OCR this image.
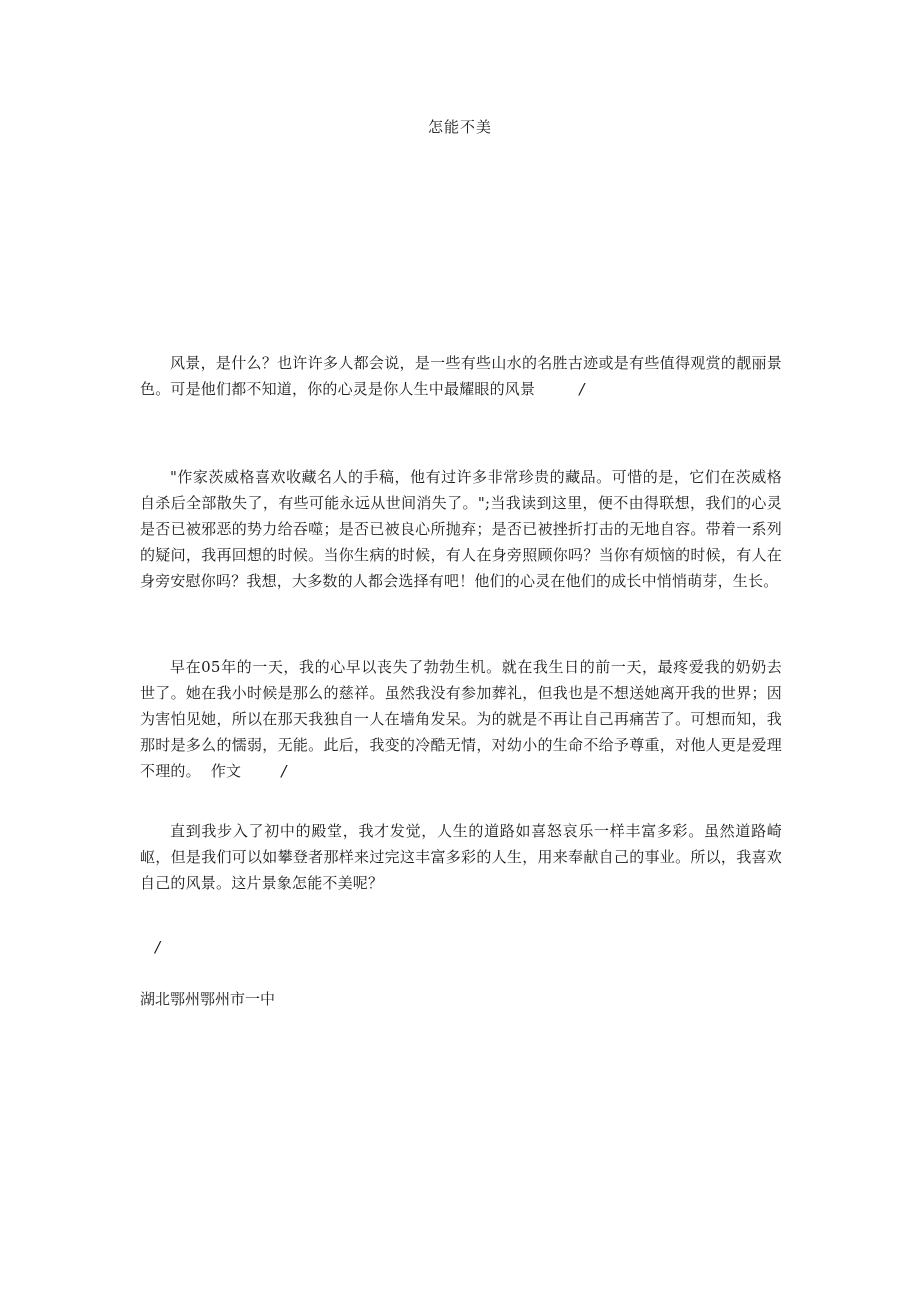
怎能不美

风景，是什么？也许许多人都会说，是一些有些山水的名胜古迹或是有些值得观赏的靓丽景色。可是他们都不知道，你的心灵是你人生中最耀眼的风景	/

"作家茨威格喜欢收藏名人的手稿，他有过许多非常珍贵的藏品。可惜的是，它们在茨威格自杀后全部散失了，有些可能永远从世间消失了。";当我读到这里，便不由得联想，我们的心灵是否已被邪恶的势力给吞噬；是否已被良心所抛弃；是否已被挫折打击的无地自容。带着一系列的疑问，我再回想的时候。当你生病的时候，有人在身旁照顾你吗？当你有烦恼的时候，有人在身旁安慰你吗？我想，大多数的人都会选择有吧！他们的心灵在他们的成长中悄悄萌芽，生长。

早在05年的一天，我的心早以丧失了勃勃生机。就在我生日的前一天，最疼爱我的奶奶去世了。她在我小时候是那么的慈祥。虽然我没有参加葬礼，但我也是不想送她离开我的世界；因为害怕见她，所以在那天我独自一人在墙角发呆。为的就是不再让自己再痛苦了。可想而知，我那时是多么的懦弱，无能。此后，我变的冷酷无情，对幼小的生命不给予尊重，对他人更是爱理不理的。 作文	/

直到我步入了初中的殿堂，我才发觉，人生的道路如喜怒哀乐一样丰富多彩。虽然道路崎岖，但是我们可以如攀登者那样来过完这丰富多彩的人生，用来奉献自己的事业。所以，我喜欢自己的风景。这片景象怎能不美呢？

/
湖北鄂州鄂州市一中
